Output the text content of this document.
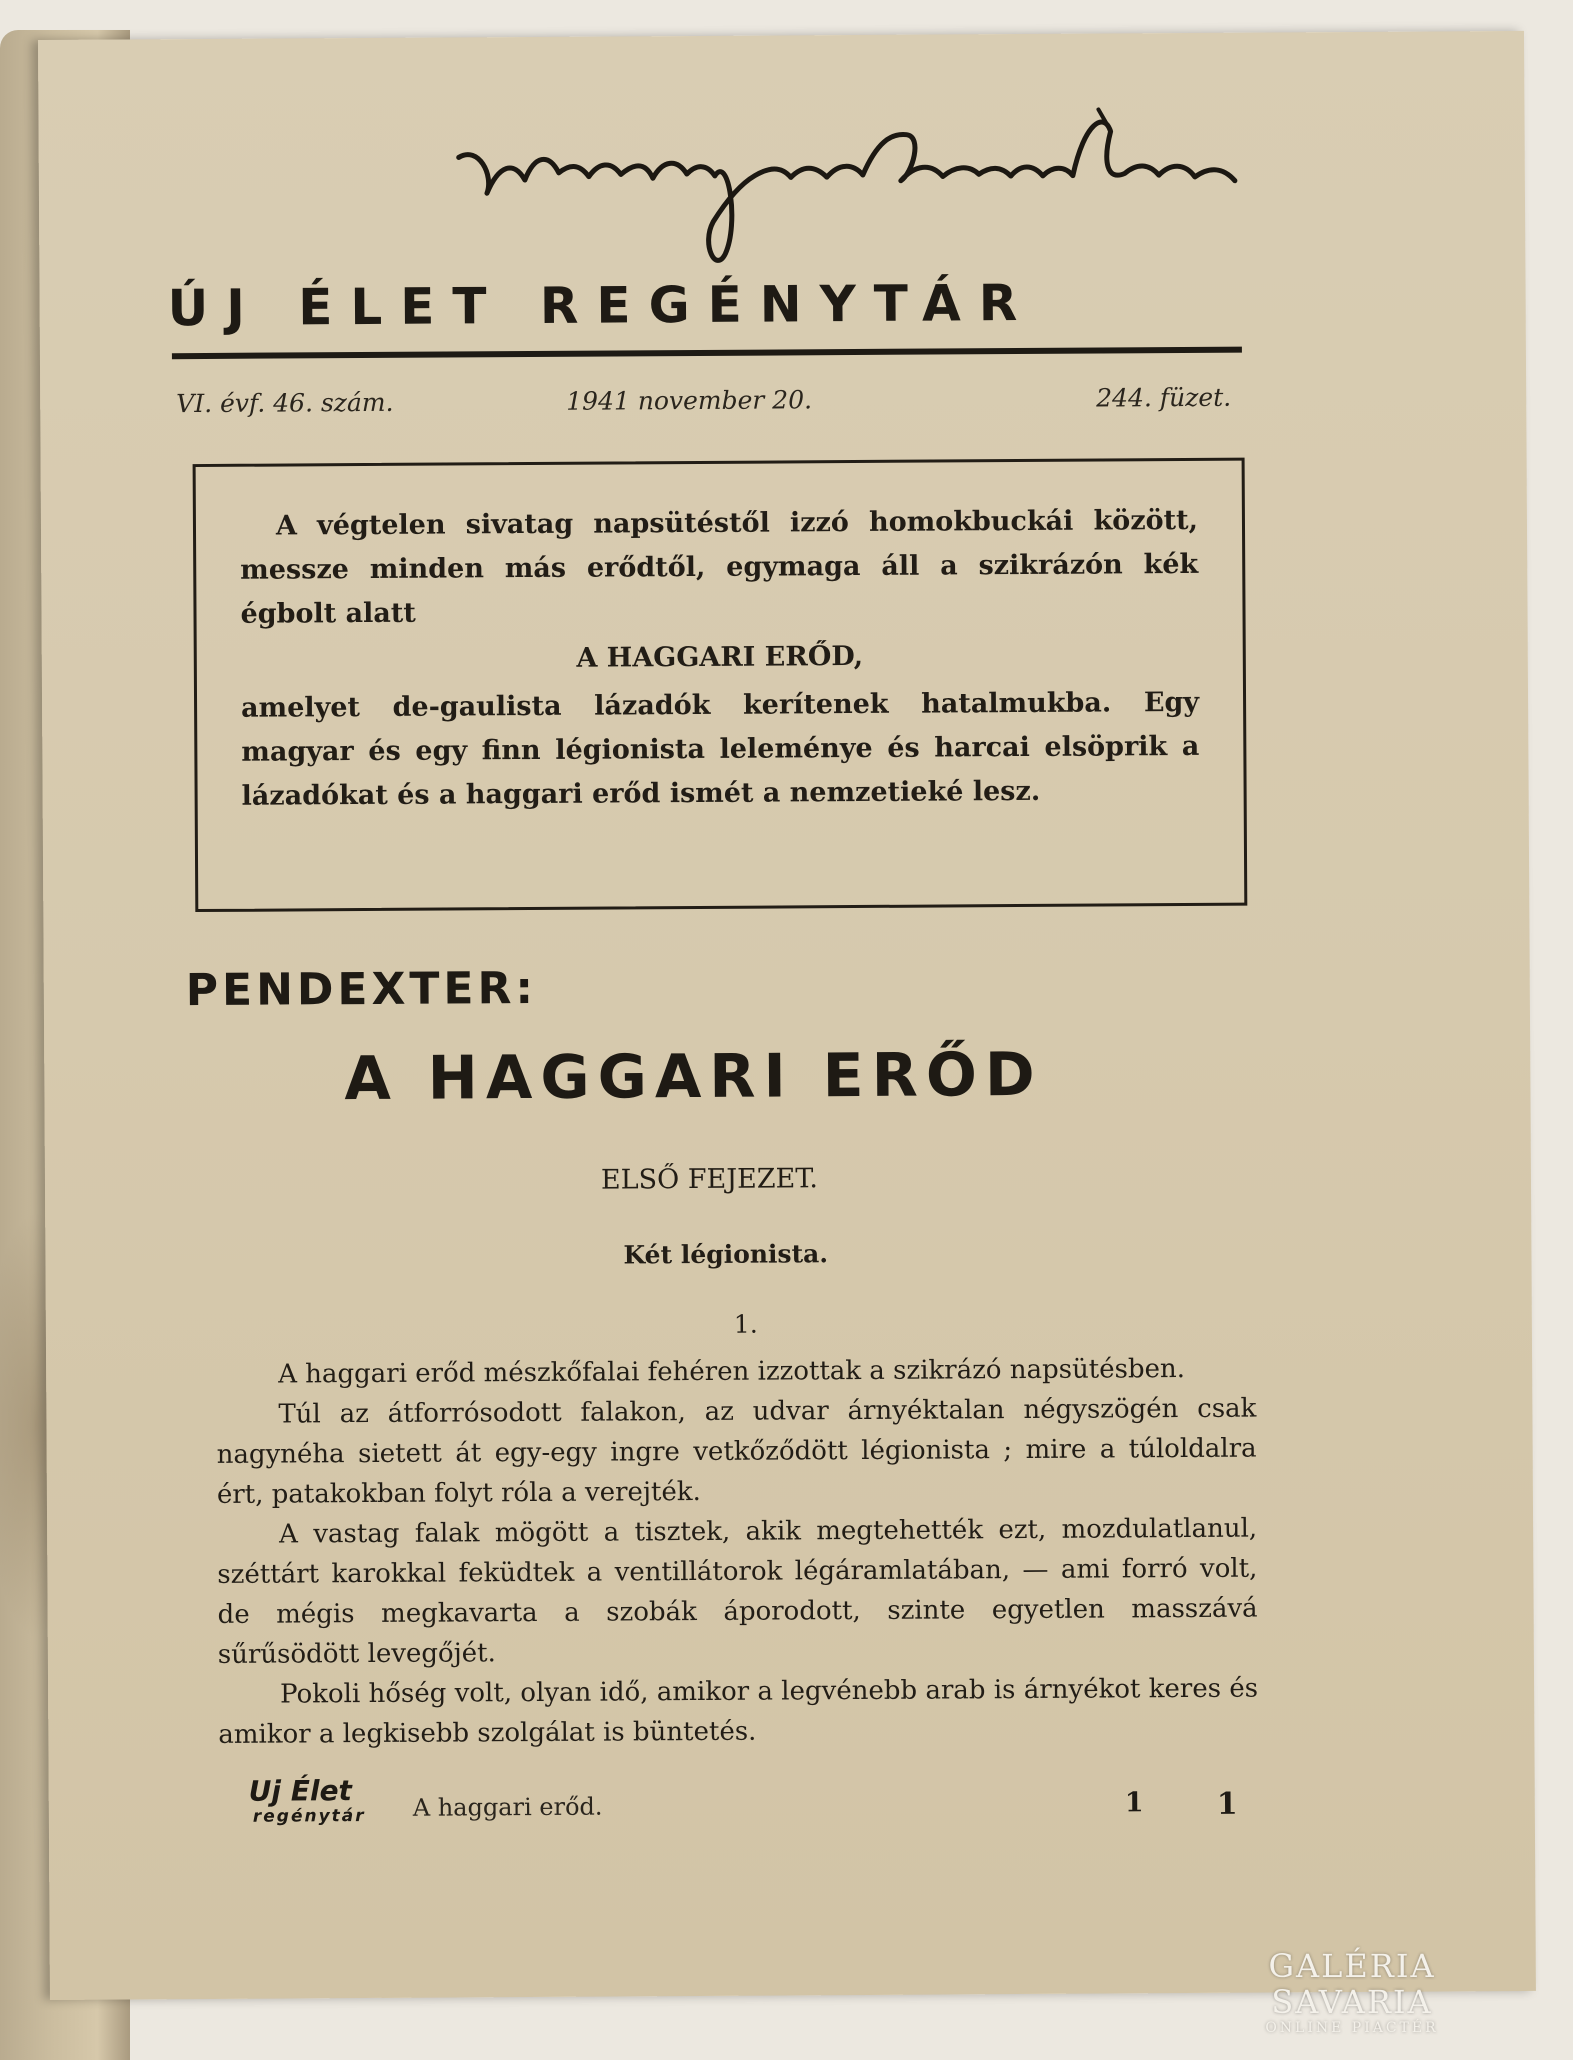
ÚJ ÉLET REGÉNYTÁR
VI. évf. 46. szám.	1941 november 20.	244. füzet.

A végtelen sivatag napsütéstől izzó homokbuckái között, messze minden más erődtől, egymaga áll a szikrázón kék égbolt alatt

A HAGGARI ERŐD,

amelyet de-gaulista lázadók kerítenek hatalmukba. Egy magyar és egy finn légionista leleménye és harcai elsöprik a lázadókat és a haggari erőd ismét a nemzetieké lesz.

PENDEXTER:
A HAGGARI ERŐD
ELSŐ FEJEZET.
Két légionista.
1.

A haggari erőd mészkőfalai fehéren izzottak a szikrázó napsütésben.

Túl az átforrósodott falakon, az udvar árnyéktalan négyszögén csak nagynéha sietett át egy-egy ingre vetkőződött légionista ; mire a túloldalra ért, patakokban folyt róla a verejték.

A vastag falak mögött a tisztek, akik megtehették ezt, mozdulatlanul, széttárt karokkal feküdtek a ventillátorok légáramlatában, — ami forró volt, de mégis megkavarta a szobák áporodott, szinte egyetlen masszává sűrűsödött levegőjét.

Pokoli hőség volt, olyan idő, amikor a legvénebb arab is árnyékot keres és amikor a legkisebb szolgálat is büntetés.

Uj Élet
regénytár A haggari erőd.	1 1
GALÉRIA SAVARIA
ONLINE PIACTÉR
